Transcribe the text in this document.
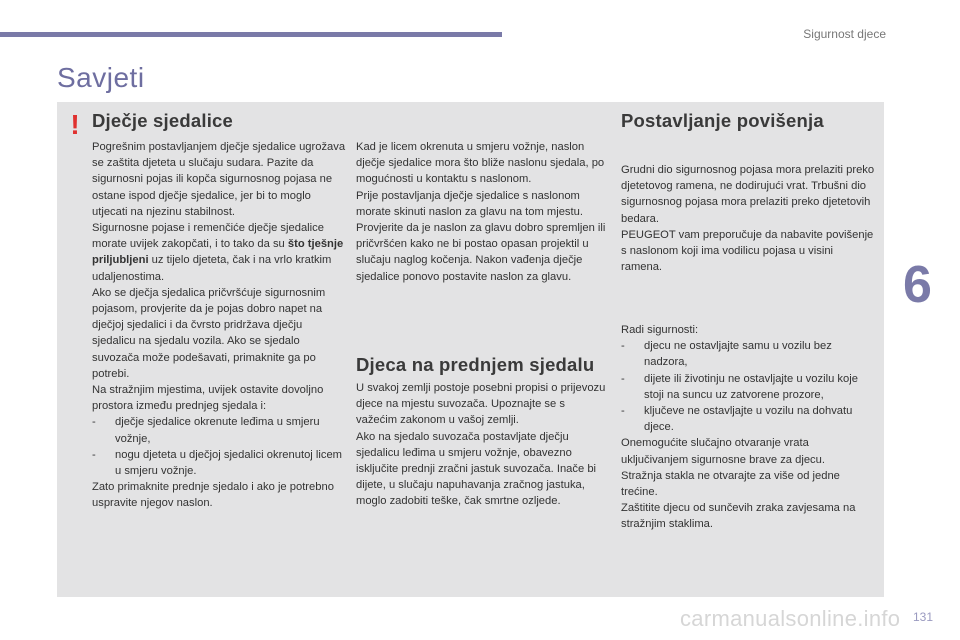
Sigurnost djece
Savjeti
! Dječje sjedalice

Pogrešnim postavljanjem dječje sjedalice ugrožava se zaštita djeteta u slučaju sudara. Pazite da sigurnosni pojas ili kopča sigurnosnog pojasa ne ostane ispod dječje sjedalice, jer bi to moglo utjecati na njezinu stabilnost.

Sigurnosne pojase i remenčiće dječje sjedalice morate uvijek zakopčati, i to tako da su što tješnje priljubljeni uz tijelo djeteta, čak i na vrlo kratkim udaljenostima.

Ako se dječja sjedalica pričvršćuje sigurnosnim pojasom, provjerite da je pojas dobro napet na dječjoj sjedalici i da čvrsto pridržava dječju sjedalicu na sjedalu vozila. Ako se sjedalo suvozača može podešavati, primaknite ga po potrebi.

Na stražnjim mjestima, uvijek ostavite dovoljno prostora između prednjeg sjedala i:

-	dječje sjedalice okrenute leđima u smjeru vožnje,
-	nogu djeteta u dječjoj sjedalici okrenutoj licem u smjeru vožnje.

Zato primaknite prednje sjedalo i ako je potrebno uspravite njegov naslon.

Kad je licem okrenuta u smjeru vožnje, naslon dječje sjedalice mora što bliže naslonu sjedala, po mogućnosti u kontaktu s naslonom.

Prije postavljanja dječje sjedalice s naslonom morate skinuti naslon za glavu na tom mjestu. Provjerite da je naslon za glavu dobro spremljen ili pričvršćen kako ne bi postao opasan projektil u slučaju naglog kočenja. Nakon vađenja dječje sjedalice ponovo postavite naslon za glavu.

Djeca na prednjem sjedalu

U svakoj zemlji postoje posebni propisi o prijevozu djece na mjestu suvozača. Upoznajte se s važećim zakonom u vašoj zemlji.

Ako na sjedalo suvozača postavljate dječju sjedalicu leđima u smjeru vožnje, obavezno isključite prednji zračni jastuk suvozača. Inače bi dijete, u slučaju napuhavanja zračnog jastuka, moglo zadobiti teške, čak smrtne ozljede.

Postavljanje povišenja

Grudni dio sigurnosnog pojasa mora prelaziti preko djetetovog ramena, ne dodirujući vrat. Trbušni dio sigurnosnog pojasa mora prelaziti preko djetetovih bedara.

PEUGEOT vam preporučuje da nabavite povišenje s naslonom koji ima vodilicu pojasa u visini ramena.

Radi sigurnosti:

-	djecu ne ostavljajte samu u vozilu bez nadzora,
-	dijete ili životinju ne ostavljajte u vozilu koje stoji na suncu uz zatvorene prozore,
-	ključeve ne ostavljajte u vozilu na dohvatu djece.

Onemogućite slučajno otvaranje vrata uključivanjem sigurnosne brave za djecu.

Stražnja stakla ne otvarajte za više od jedne trećine.

Zaštitite djecu od sunčevih zraka zavjesama na stražnjim staklima.

6
carmanualsonline.info 131
